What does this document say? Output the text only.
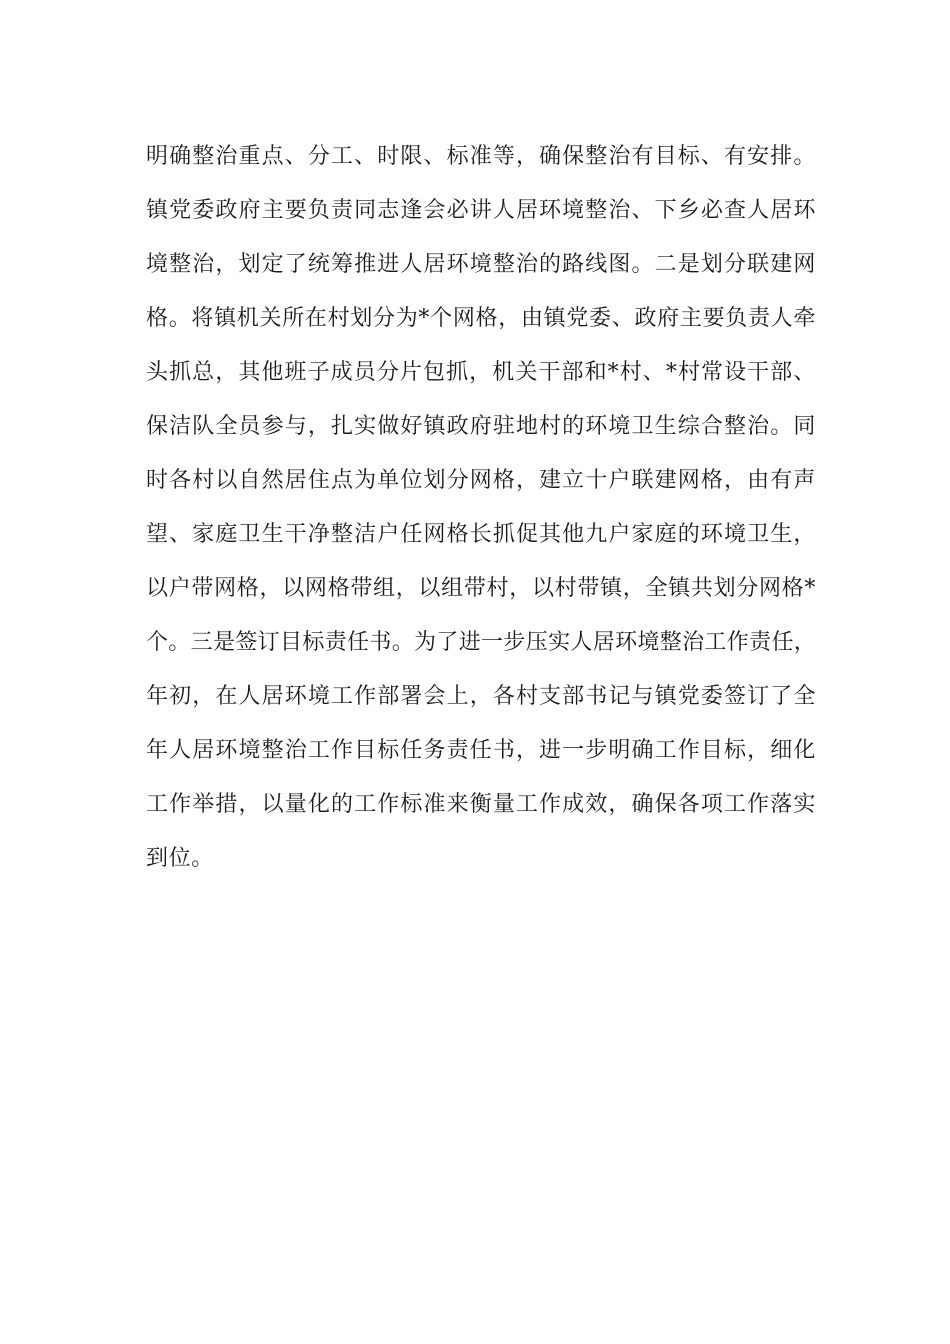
明确整治重点、分工、时限、标准等，确保整治有目标、有安排。

镇党委政府主要负责同志逢会必讲人居环境整治、下乡必查人居环

境整治，划定了统筹推进人居环境整治的路线图。二是划分联建网

格。将镇机关所在村划分为*个网格，由镇党委、政府主要负责人牵

头抓总，其他班子成员分片包抓，机关干部和*村、*村常设干部、

保洁队全员参与，扎实做好镇政府驻地村的环境卫生综合整治。同

时各村以自然居住点为单位划分网格，建立十户联建网格，由有声

望、家庭卫生干净整洁户任网格长抓促其他九户家庭的环境卫生，

以户带网格，以网格带组，以组带村，以村带镇，全镇共划分网格*

个。三是签订目标责任书。为了进一步压实人居环境整治工作责任，

年初，在人居环境工作部署会上，各村支部书记与镇党委签订了全

年人居环境整治工作目标任务责任书，进一步明确工作目标，细化

工作举措，以量化的工作标准来衡量工作成效，确保各项工作落实

到位。
